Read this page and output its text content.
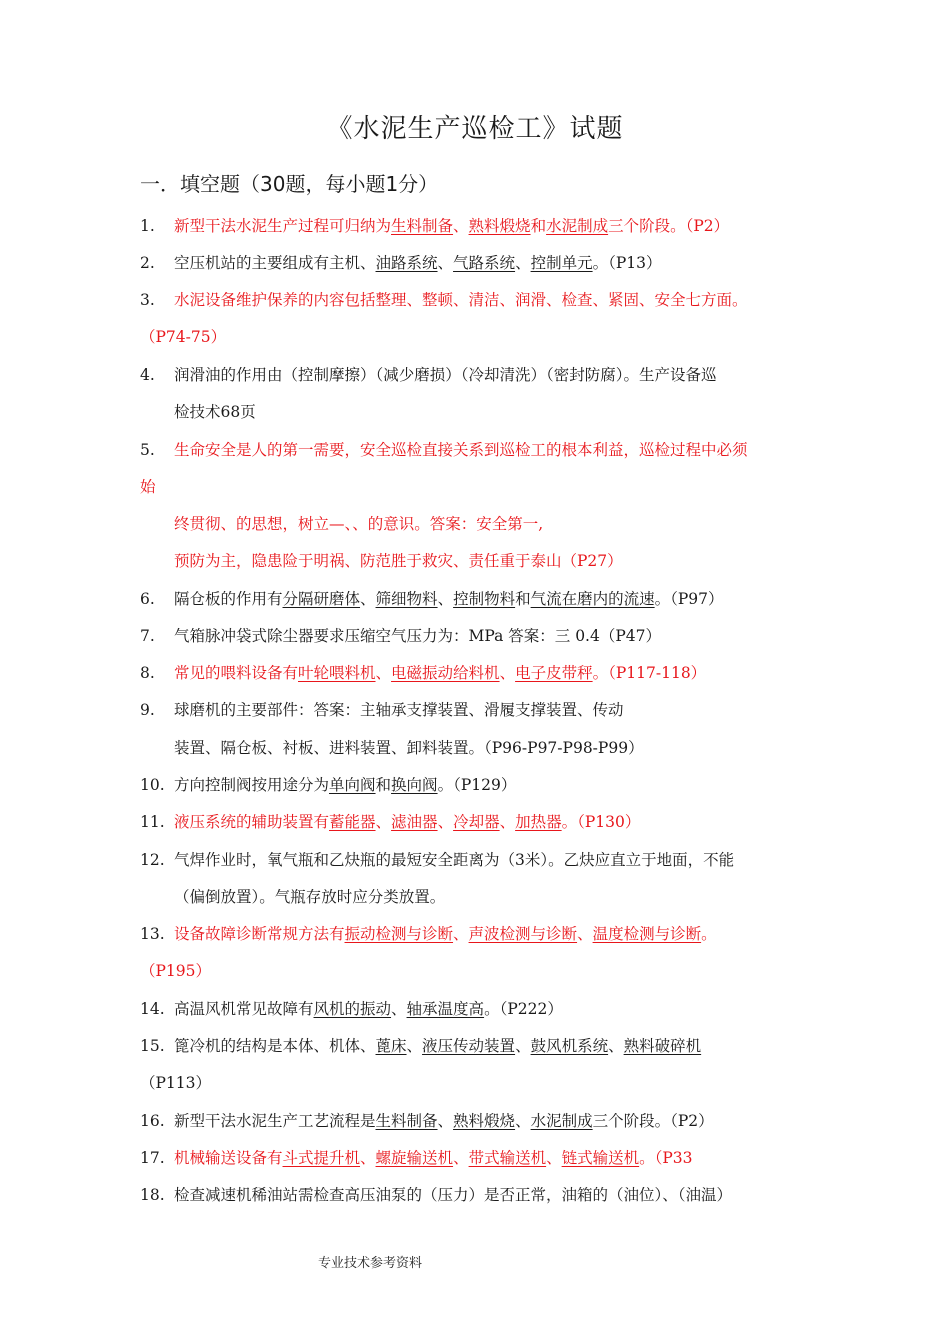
《水泥生产巡检工》试题
一．填空题（30题，每小题1分）
1.	新型干法水泥生产过程可归纳为生料制备、熟料煅烧和水泥制成三个阶段。（P2）
2.	空压机站的主要组成有主机、油路系统、气路系统、控制单元。（P13）
3.	水泥设备维护保养的内容包括整理、整顿、清洁、润滑、检查、紧固、安全七方面。
（P74-75）
4.	润滑油的作用由（控制摩擦）（减少磨损）（冷却清洗）（密封防腐）。生产设备巡
检技术68页
5.	生命安全是人的第一需要，安全巡检直接关系到巡检工的根本利益，巡检过程中必须
始
终贯彻、的思想，树立—、、的意识。答案：安全第一,
预防为主，隐患险于明祸、防范胜于救灾、责任重于泰山（P27）
6.	隔仓板的作用有分隔研磨体、筛细物料、控制物料和气流在磨内的流速。（P97）
7.	气箱脉冲袋式除尘器要求压缩空气压力为：MPa 答案：三 0.4（P47）
8.	常见的喂料设备有叶轮喂料机、电磁振动给料机、电子皮带秤。（P117-118）
9.	球磨机的主要部件：答案：主轴承支撑装置、滑履支撑装置、传动
装置、隔仓板、衬板、进料装置、卸料装置。（P96-P97-P98-P99）
10. 方向控制阀按用途分为单向阀和换向阀。（P129）
11. 液压系统的辅助装置有蓄能器、滤油器、冷却器、加热器。（P130）
12. 气焊作业时，氧气瓶和乙炔瓶的最短安全距离为（3米）。乙炔应直立于地面，不能
（偏倒放置）。气瓶存放时应分类放置。
13. 设备故障诊断常规方法有振动检测与诊断、声波检测与诊断、温度检测与诊断。
（P195）
14. 高温风机常见故障有风机的振动、轴承温度高。（P222）
15. 篦冷机的结构是本体、机体、蓖床、液压传动装置、鼓风机系统、熟料破碎机
（P113）
16. 新型干法水泥生产工艺流程是生料制备、熟料煅烧、水泥制成三个阶段。（P2）
17. 机械输送设备有斗式提升机、螺旋输送机、带式输送机、链式输送机。（P33
18. 检查减速机稀油站需检查高压油泵的（压力）是否正常，油箱的（油位）、（油温）
专业技术参考资料
